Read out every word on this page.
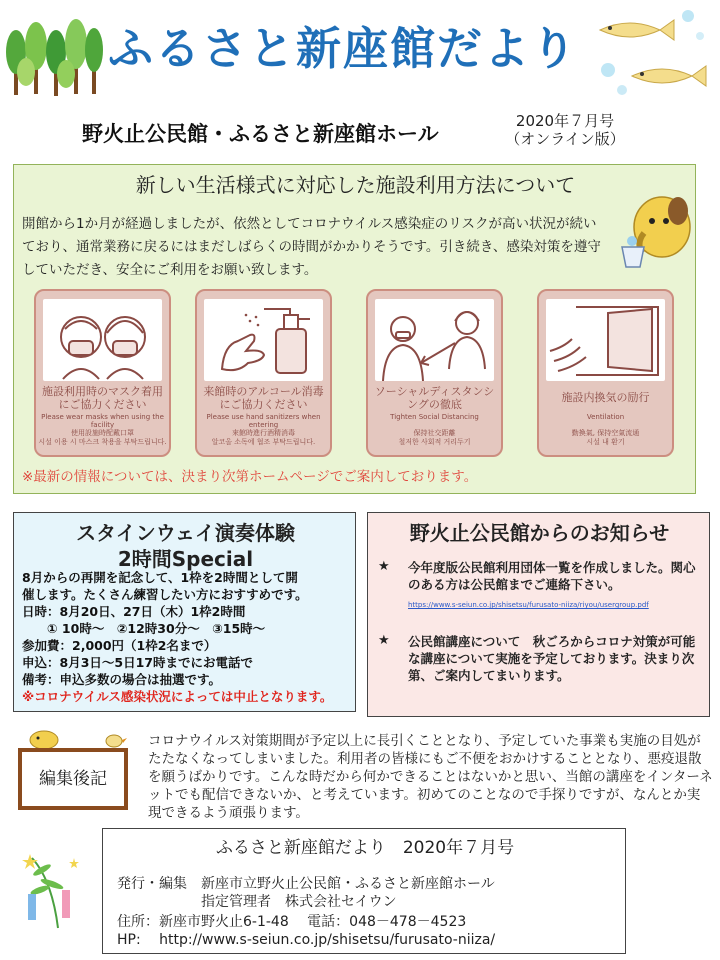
ふるさと新座館だより
野火止公民館・ふるさと新座館ホール
2020年７月号
（オンライン版）
新しい生活様式に対応した施設利用方法について
開館から1か月が経過しましたが、依然としてコロナウイルス感染症のリスクが高い状況が続いており、通常業務に戻るにはまだしばらくの時間がかかりそうです。引き続き、感染対策を遵守していただき、安全にご利用をお願い致します。
施設利用時のマスク着用にご協力ください
Please wear masks when using the facility
使用設施時配戴口罩
시설 이용 시 마스크 착용을 부탁드립니다.
来館時のアルコール消毒にご協力ください
Please use hand sanitizers when entering
來館時進行酒精消毒
알코올 소독에 협조 부탁드립니다.
ソーシャルディスタンシングの徹底
Tighten Social Distancing
保持社交距離
철저한 사회적 거리두기
施設内換気の励行
Ventilation
勤換氣, 保持空氣流通
시설 내 환기
※最新の情報については、決まり次第ホームページでご案内しております。
スタインウェイ演奏体験
2時間Special
8月からの再開を記念して、1枠を2時間として開
催します。たくさん練習したい方におすすめです。
日時：8月20日、27日（木）1枠2時間
　　① 10時～　②12時30分～　③15時～
参加費：2,000円（1枠2名まで）
申込：8月3日～5日17時までにお電話で
備考：申込多数の場合は抽選です。
※コロナウイルス感染状況によっては中止となります。
野火止公民館からのお知らせ
★ 今年度版公民館利用団体一覧を作成しました。関心のある方は公民館までご連絡下さい。
https://www.s-seiun.co.jp/shisetsu/furusato-niiza/riyou/usergroup.pdf
★ 公民館講座について　秋ごろからコロナ対策が可能な講座について実施を予定しております。決まり次第、ご案内してまいります。
編集後記
コロナウイルス対策期間が予定以上に長引くこととなり、予定していた事業も実施の目処がたたなくなってしまいました。利用者の皆様にもご不便をおかけすることとなり、悪疫退散を願うばかりです。こんな時だから何かできることはないかと思い、当館の講座をインターネットでも配信できないか、と考えています。初めてのことなので手探りですが、なんとか実現できるよう頑張ります。
ふるさと新座館だより　2020年７月号
発行・編集　新座市立野火止公民館・ふるさと新座館ホール
　　　　　　指定管理者　株式会社セイウン
住所：新座市野火止6-1-48　 電話：048－478－4523
HP:　 http://www.s-seiun.co.jp/shisetsu/furusato-niiza/
